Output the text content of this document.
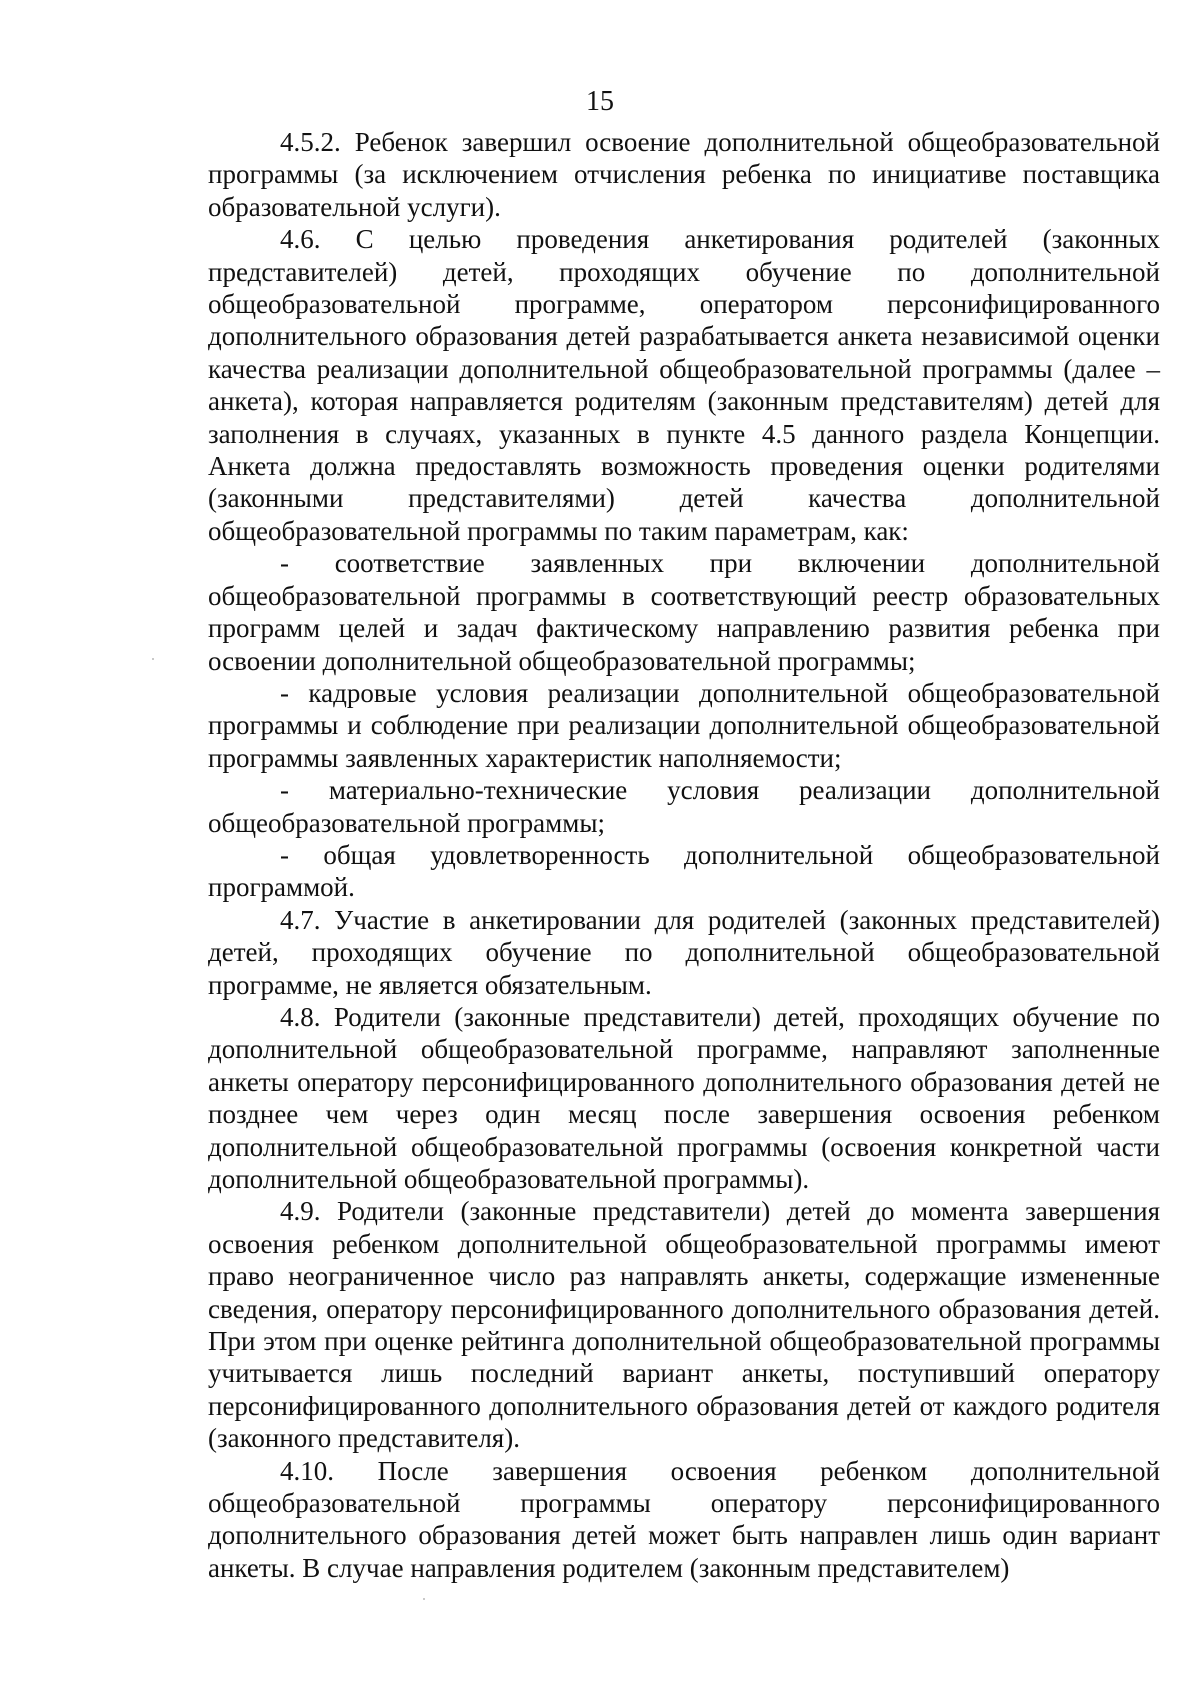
15

4.5.2. Ребенок завершил освоение дополнительной общеобразовательной программы (за исключением отчисления ребенка по инициативе поставщика образовательной услуги).

4.6. С целью проведения анкетирования родителей (законных представителей) детей, проходящих обучение по дополнительной общеобразовательной программе, оператором персонифицированного дополнительного образования детей разрабатывается анкета независимой оценки качества реализации дополнительной общеобразовательной программы (далее – анкета), которая направляется родителям (законным представителям) детей для заполнения в случаях, указанных в пункте 4.5 данного раздела Концепции. Анкета должна предоставлять возможность проведения оценки родителями (законными представителями) детей качества дополнительной общеобразовательной программы по таким параметрам, как:

- соответствие заявленных при включении дополнительной общеобразовательной программы в соответствующий реестр образовательных программ целей и задач фактическому направлению развития ребенка при освоении дополнительной общеобразовательной программы;

- кадровые условия реализации дополнительной общеобразовательной программы и соблюдение при реализации дополнительной общеобразовательной программы заявленных характеристик наполняемости;

- материально-технические условия реализации дополнительной общеобразовательной программы;

- общая удовлетворенность дополнительной общеобразовательной программой.

4.7. Участие в анкетировании для родителей (законных представителей) детей, проходящих обучение по дополнительной общеобразовательной программе, не является обязательным.

4.8. Родители (законные представители) детей, проходящих обучение по дополнительной общеобразовательной программе, направляют заполненные анкеты оператору персонифицированного дополнительного образования детей не позднее чем через один месяц после завершения освоения ребенком дополнительной общеобразовательной программы (освоения конкретной части дополнительной общеобразовательной программы).

4.9. Родители (законные представители) детей до момента завершения освоения ребенком дополнительной общеобразовательной программы имеют право неограниченное число раз направлять анкеты, содержащие измененные сведения, оператору персонифицированного дополнительного образования детей. При этом при оценке рейтинга дополнительной общеобразовательной программы учитывается лишь последний вариант анкеты, поступивший оператору персонифицированного дополнительного образования детей от каждого родителя (законного представителя).

4.10. После завершения освоения ребенком дополнительной общеобразовательной программы оператору персонифицированного дополнительного образования детей может быть направлен лишь один вариант анкеты. В случае направления родителем (законным представителем)
